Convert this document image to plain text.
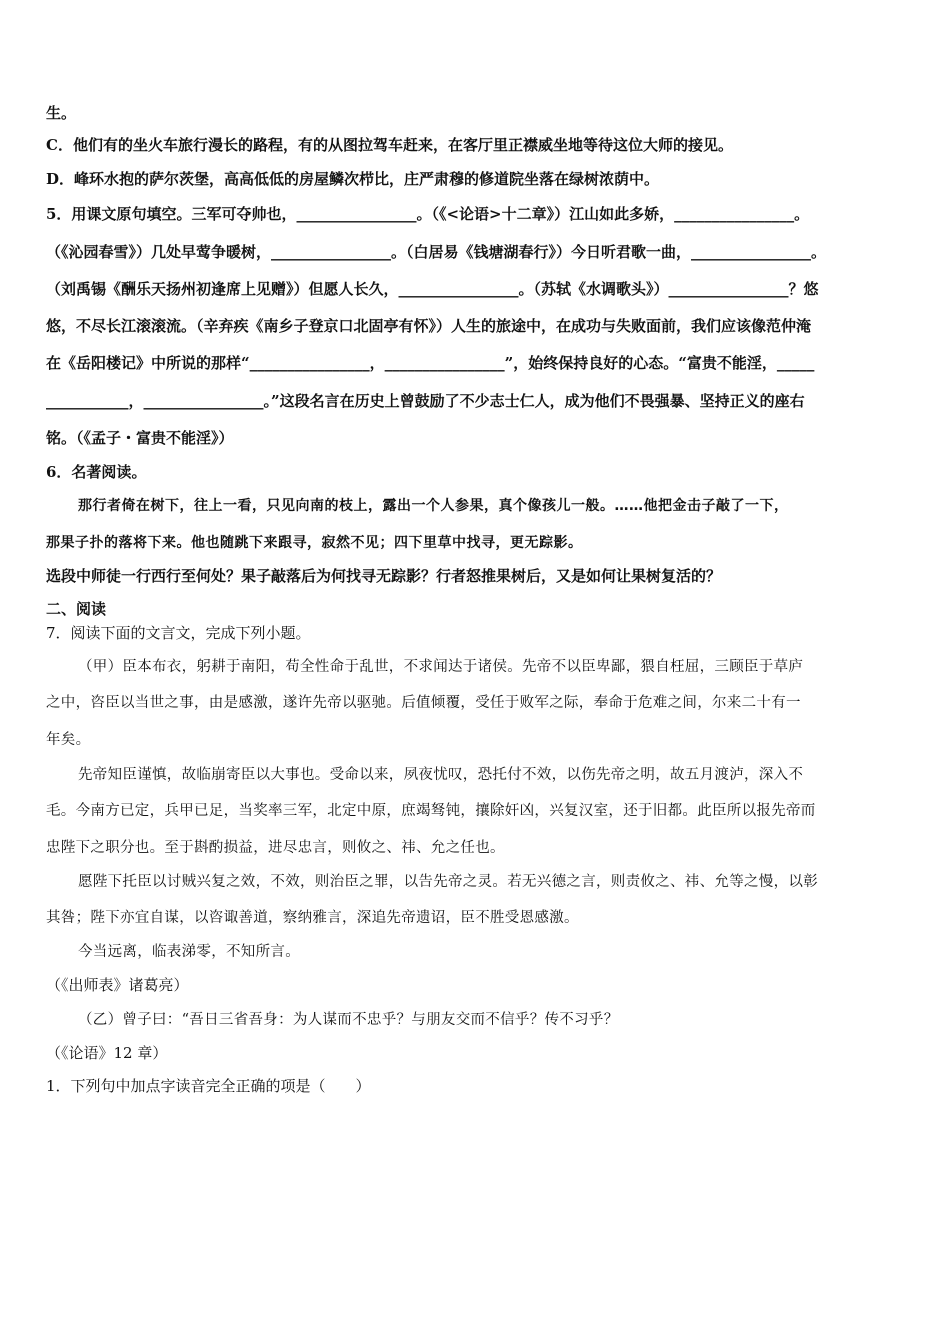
生。
C．他们有的坐火车旅行漫长的路程，有的从图拉驾车赶来，在客厅里正襟威坐地等待这位大师的接见。
D．峰环水抱的萨尔茨堡，高高低低的房屋鳞次栉比，庄严肃穆的修道院坐落在绿树浓荫中。
5．用课文原句填空。三军可夺帅也，________________。（《<论语>十二章》）江山如此多娇，________________。
（《沁园春雪》）几处早莺争暖树，________________。（白居易《钱塘湖春行》）今日听君歌一曲，________________。
（刘禹锡《酬乐天扬州初逢席上见赠》）但愿人长久，________________。（苏轼《水调歌头》）________________？悠
悠，不尽长江滚滚流。（辛弃疾《南乡子登京口北固亭有怀》）人生的旅途中，在成功与失败面前，我们应该像范仲淹
在《岳阳楼记》中所说的那样“________________，________________”，始终保持良好的心态。“富贵不能淫，_____
___________，________________。”这段名言在历史上曾鼓励了不少志士仁人，成为他们不畏强暴、坚持正义的座右
铭。（《孟子・富贵不能淫》）
6．名著阅读。
那行者倚在树下，往上一看，只见向南的枝上，露出一个人参果，真个像孩儿一般。……他把金击子敲了一下，
那果子扑的落将下来。他也随跳下来跟寻，寂然不见；四下里草中找寻，更无踪影。
选段中师徒一行西行至何处？果子敲落后为何找寻无踪影？行者怒推果树后，又是如何让果树复活的？
二、阅读
7．阅读下面的文言文，完成下列小题。
（甲）臣本布衣，躬耕于南阳，苟全性命于乱世，不求闻达于诸侯。先帝不以臣卑鄙，猥自枉屈，三顾臣于草庐
之中，咨臣以当世之事，由是感激，遂许先帝以驱驰。后值倾覆，受任于败军之际，奉命于危难之间，尔来二十有一
年矣。
先帝知臣谨慎，故临崩寄臣以大事也。受命以来，夙夜忧叹，恐托付不效，以伤先帝之明，故五月渡泸，深入不
毛。今南方已定，兵甲已足，当奖率三军，北定中原，庶竭驽钝，攘除奸凶，兴复汉室，还于旧都。此臣所以报先帝而
忠陛下之职分也。至于斟酌损益，进尽忠言，则攸之、祎、允之任也。
愿陛下托臣以讨贼兴复之效，不效，则治臣之罪，以告先帝之灵。若无兴德之言，则责攸之、祎、允等之慢，以彰
其咎；陛下亦宜自谋，以咨诹善道，察纳雅言，深追先帝遗诏，臣不胜受恩感激。
今当远离，临表涕零，不知所言。
（《出师表》诸葛亮）
（乙）曾子曰：“吾日三省吾身：为人谋而不忠乎？与朋友交而不信乎？传不习乎？
（《论语》12 章）
1．下列句中加点字读音完全正确的项是（　　）
